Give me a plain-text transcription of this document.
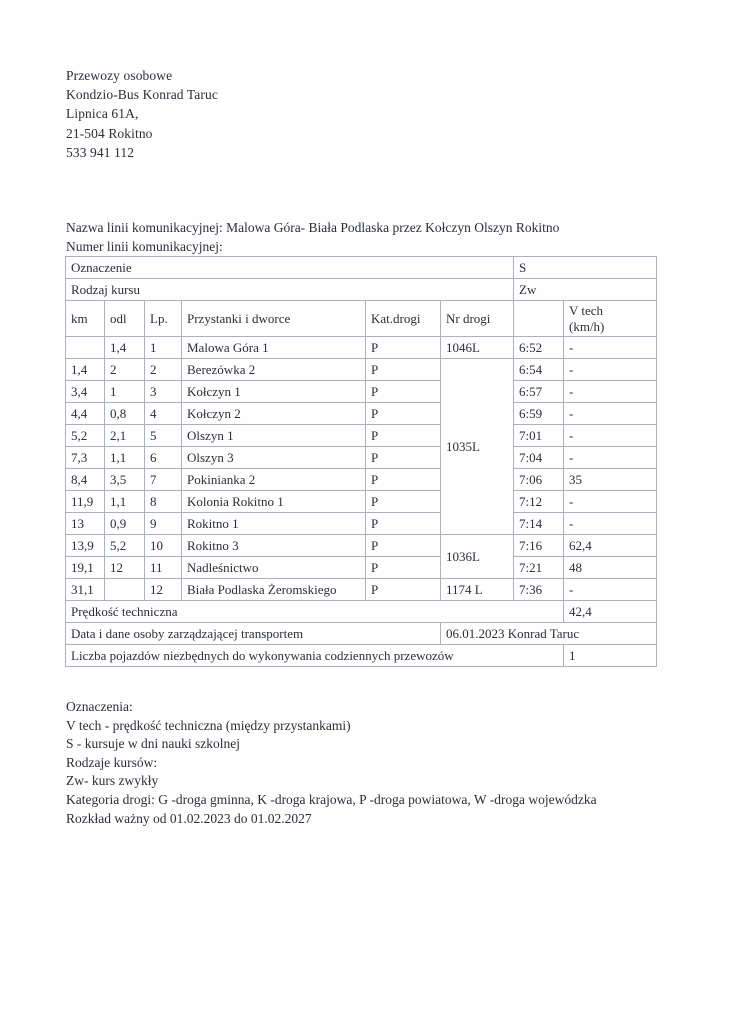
Przewozy osobowe
Kondzio-Bus Konrad Taruc
Lipnica 61A,
21-504 Rokitno
533 941 112
Nazwa linii komunikacyjnej: Malowa Góra- Biała Podlaska przez Kołczyn Olszyn Rokitno
Numer linii komunikacyjnej:
Oznaczenie						S	
Rodzaj kursu						Zw	
km	odl	Lp.	Przystanki i dworce	Kat.drogi	Nr drogi		V tech
(km/h)
	1,4	1	Malowa Góra 1	P	1046L	6:52	-
1,4	2	2	Berezówka 2	P	1035L	6:54	-
3,4	1	3	Kołczyn 1	P		6:57	-
4,4	0,8	4	Kołczyn 2	P		6:59	-
5,2	2,1	5	Olszyn 1	P		7:01	-
7,3	1,1	6	Olszyn 3	P		7:04	-
8,4	3,5	7	Pokinianka 2	P		7:06	35
11,9	1,1	8	Kolonia Rokitno 1	P		7:12	-
13	0,9	9	Rokitno 1	P		7:14	-
13,9	5,2	10	Rokitno 3	P	1036L	7:16	62,4
19,1	12	11	Nadleśnictwo	P		7:21	48
31,1		12	Biała Podlaska Żeromskiego	P	1174 L	7:36	-
Prędkość techniczna							42,4
Data i dane osoby zarządzającej transportem					06.01.2023 Konrad Taruc		
Liczba pojazdów niezbędnych do wykonywania codziennych przewozów							1
Oznaczenia:
V tech - prędkość techniczna (między przystankami)
S - kursuje w dni nauki szkolnej
Rodzaje kursów:
Zw- kurs zwykły
Kategoria drogi: G -droga gminna, K -droga krajowa, P -droga powiatowa, W -droga wojewódzka
Rozkład ważny od 01.02.2023 do 01.02.2027
